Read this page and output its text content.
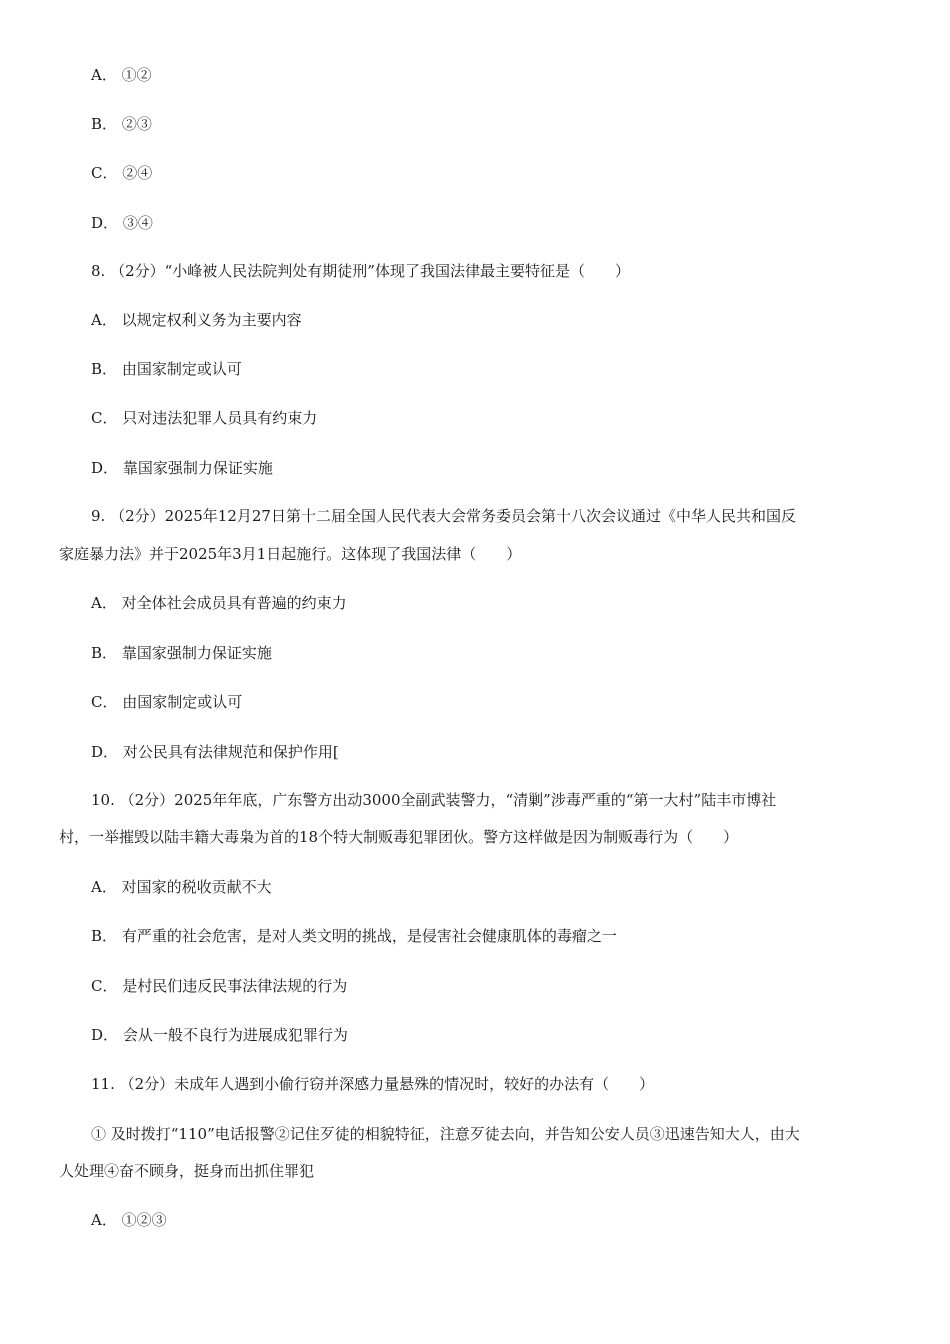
A． ①②
B． ②③
C． ②④
D． ③④
8. （2分）“小峰被人民法院判处有期徒刑”体现了我国法律最主要特征是（　　）
A． 以规定权利义务为主要内容
B． 由国家制定或认可
C． 只对违法犯罪人员具有约束力
D． 靠国家强制力保证实施
9. （2分）2025年12月27日第十二届全国人民代表大会常务委员会第十八次会议通过《中华人民共和国反
家庭暴力法》并于2025年3月1日起施行。这体现了我国法律（　　）
A． 对全体社会成员具有普遍的约束力
B． 靠国家强制力保证实施
C． 由国家制定或认可
D． 对公民具有法律规范和保护作用[
10. （2分）2025年年底，广东警方出动3000全副武装警力，“清剿”涉毒严重的“第一大村”陆丰市博社
村，一举摧毁以陆丰籍大毒枭为首的18个特大制贩毒犯罪团伙。警方这样做是因为制贩毒行为（　　）
A． 对国家的税收贡献不大
B． 有严重的社会危害，是对人类文明的挑战，是侵害社会健康肌体的毒瘤之一
C． 是村民们违反民事法律法规的行为
D． 会从一般不良行为进展成犯罪行为
11. （2分）未成年人遇到小偷行窃并深感力量悬殊的情况时，较好的办法有（　　）
① 及时拨打“110”电话报警②记住歹徒的相貌特征，注意歹徒去向，并告知公安人员③迅速告知大人，由大
人处理④奋不顾身，挺身而出抓住罪犯
A． ①②③
